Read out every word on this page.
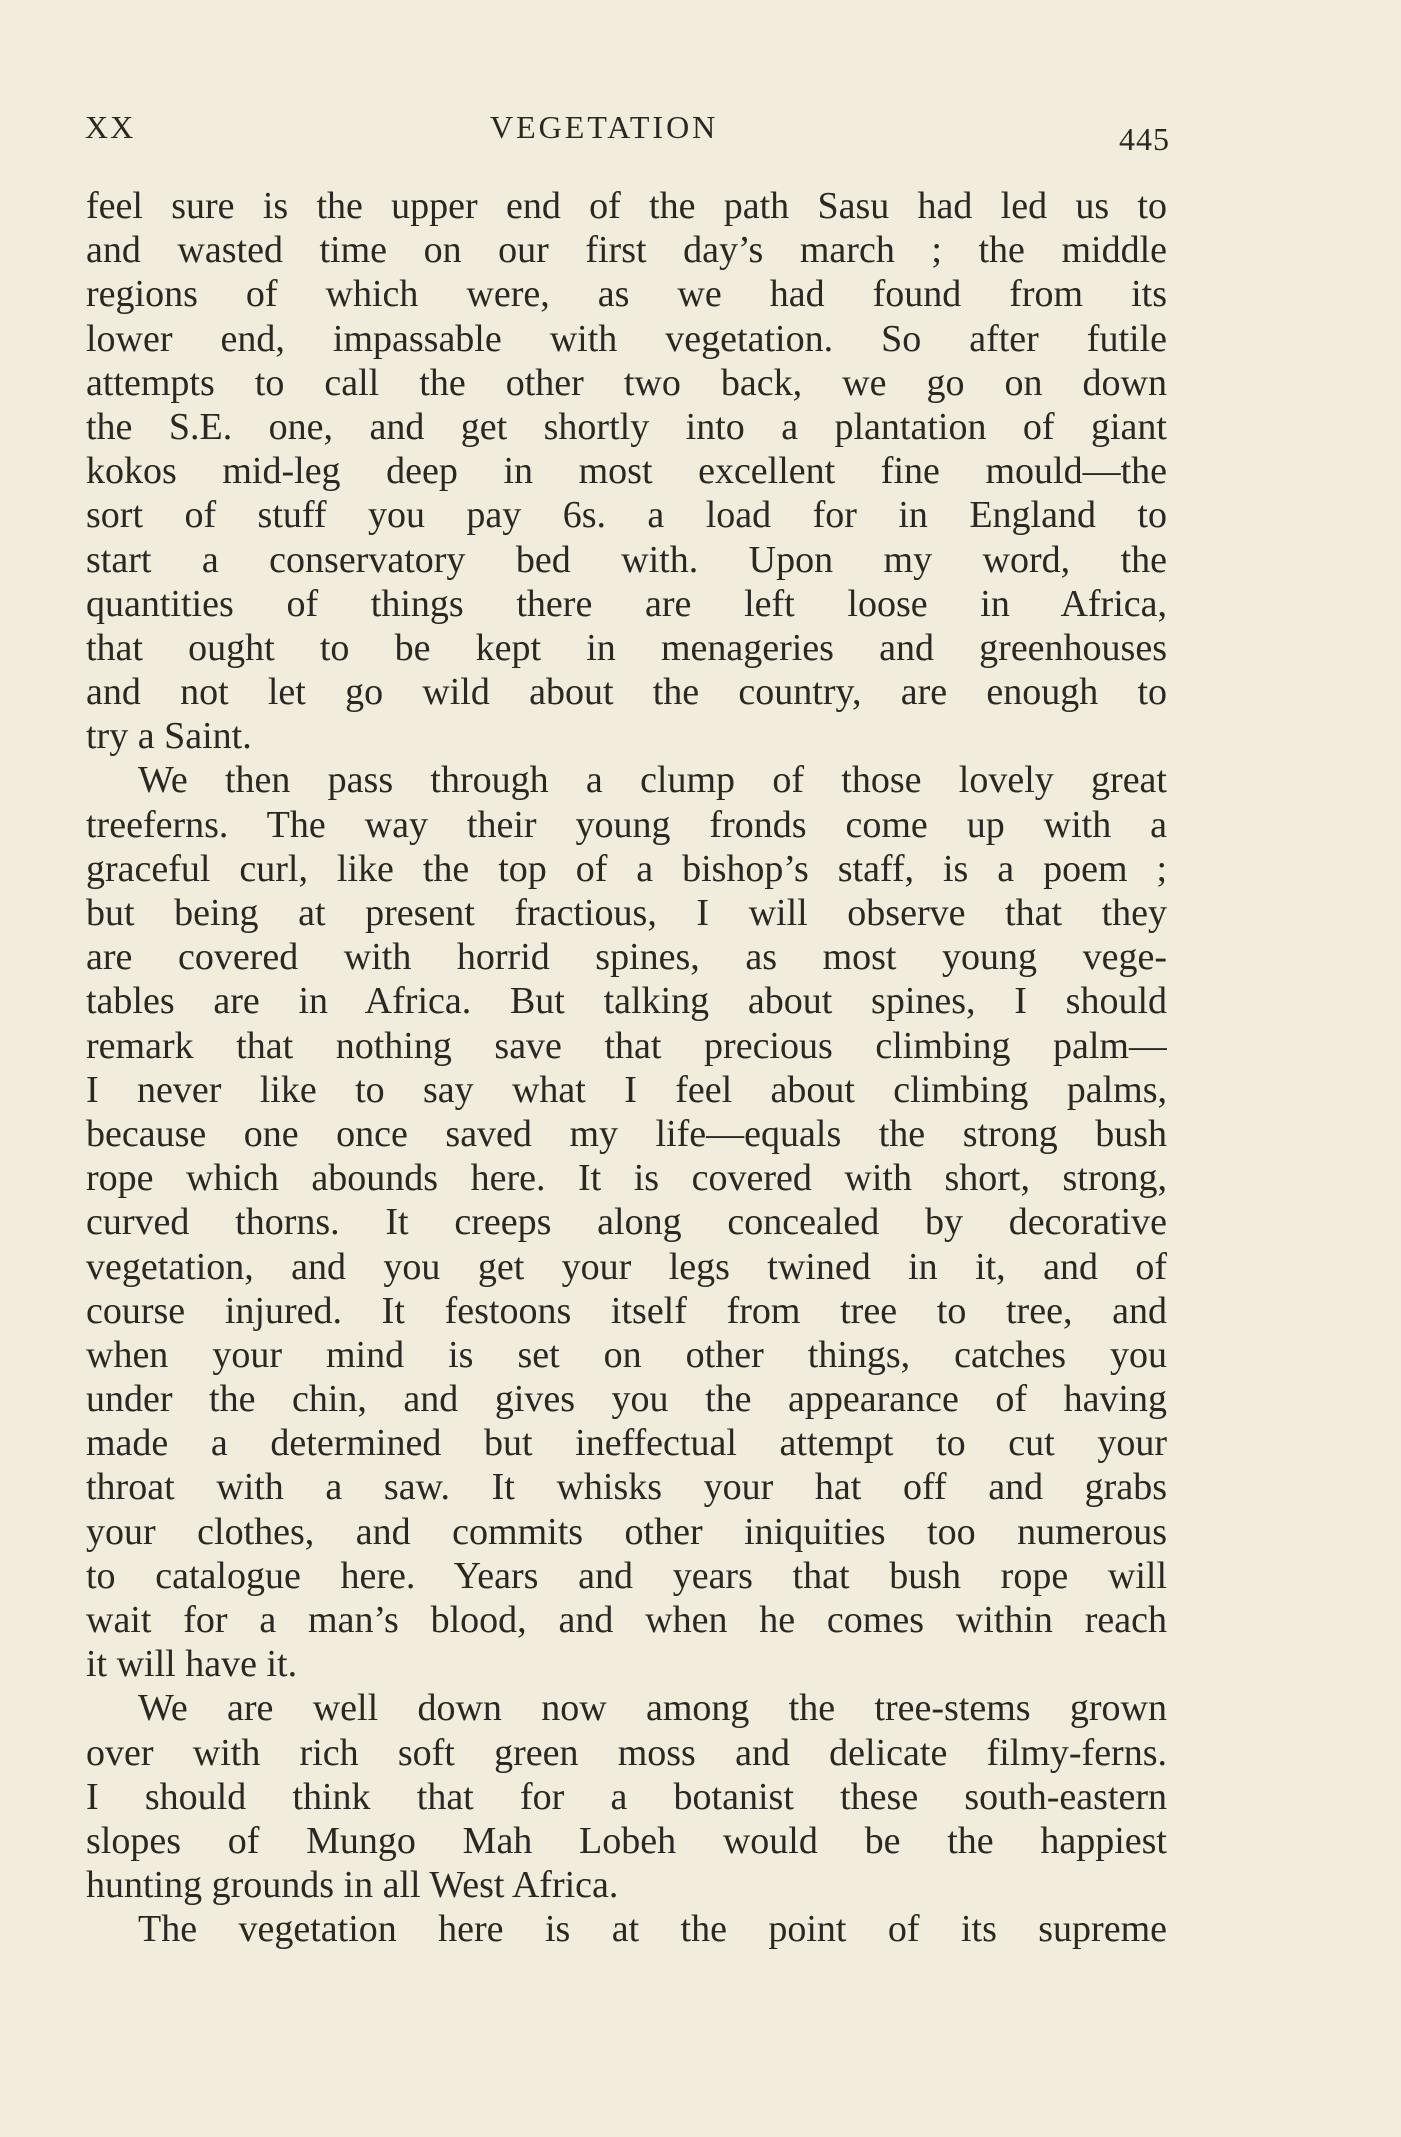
XX	VEGETATION	445
feel sure is the upper end of the path Sasu had led us to
and wasted time on our first day’s march ; the middle
regions of which were, as we had found from its
lower end, impassable with vegetation. So after futile
attempts to call the other two back, we go on down
the S.E. one, and get shortly into a plantation of giant
kokos mid-leg deep in most excellent fine mould—the
sort of stuff you pay 6s. a load for in England to
start a conservatory bed with. Upon my word, the
quantities of things there are left loose in Africa,
that ought to be kept in menageries and greenhouses
and not let go wild about the country, are enough to
try a Saint.
We then pass through a clump of those lovely great
treeferns. The way their young fronds come up with a
graceful curl, like the top of a bishop’s staff, is a poem ;
but being at present fractious, I will observe that they
are covered with horrid spines, as most young vege-
tables are in Africa. But talking about spines, I should
remark that nothing save that precious climbing palm—
I never like to say what I feel about climbing palms,
because one once saved my life—equals the strong bush
rope which abounds here. It is covered with short, strong,
curved thorns. It creeps along concealed by decorative
vegetation, and you get your legs twined in it, and of
course injured. It festoons itself from tree to tree, and
when your mind is set on other things, catches you
under the chin, and gives you the appearance of having
made a determined but ineffectual attempt to cut your
throat with a saw. It whisks your hat off and grabs
your clothes, and commits other iniquities too numerous
to catalogue here. Years and years that bush rope will
wait for a man’s blood, and when he comes within reach
it will have it.
We are well down now among the tree-stems grown
over with rich soft green moss and delicate filmy-ferns.
I should think that for a botanist these south-eastern
slopes of Mungo Mah Lobeh would be the happiest
hunting grounds in all West Africa.
The vegetation here is at the point of its supreme
